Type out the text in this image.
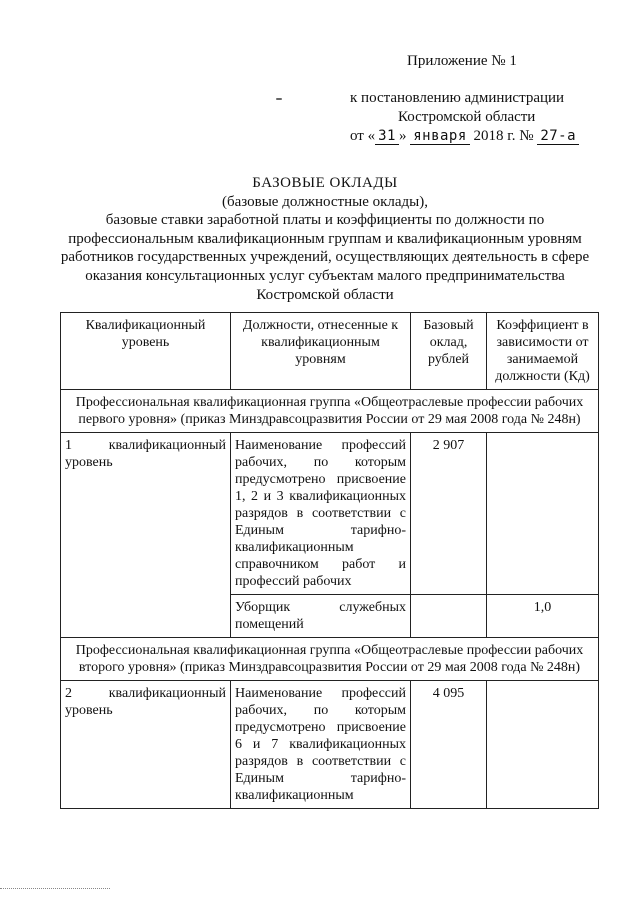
Приложение № 1
к постановлению администрации
Костромской области
от « 31 » января 2018 г. № 27-а
БАЗОВЫЕ ОКЛАДЫ
(базовые должностные оклады),
базовые ставки заработной платы и коэффициенты по должности по профессиональным квалификационным группам и квалификационным уровням работников государственных учреждений, осуществляющих деятельность в сфере оказания консультационных услуг субъектам малого предпринимательства Костромской области
Квалификационный уровень	Должности, отнесенные к квалификационным уровням	Базовый оклад, рублей	Коэффициент в зависимости от занимаемой должности (Кд)
Профессиональная квалификационная группа «Общеотраслевые профессии рабочих первого уровня» (приказ Минздравсоцразвития России от 29 мая 2008 года № 248н)			
1 квалификационный уровень	Наименование профессий рабочих, по которым предусмотрено присвоение 1, 2 и 3 квалификационных разрядов в соответствии с Единым тарифно-квалификационным справочником работ и профессий рабочих	2 907	
	Уборщик служебных помещений		1,0
Профессиональная квалификационная группа «Общеотраслевые профессии рабочих второго уровня» (приказ Минздравсоцразвития России от 29 мая 2008 года № 248н)			
2 квалификационный уровень	Наименование профессий рабочих, по которым предусмотрено присвоение 6 и 7 квалификационных разрядов в соответствии с Единым тарифно-квалификационным	4 095	
